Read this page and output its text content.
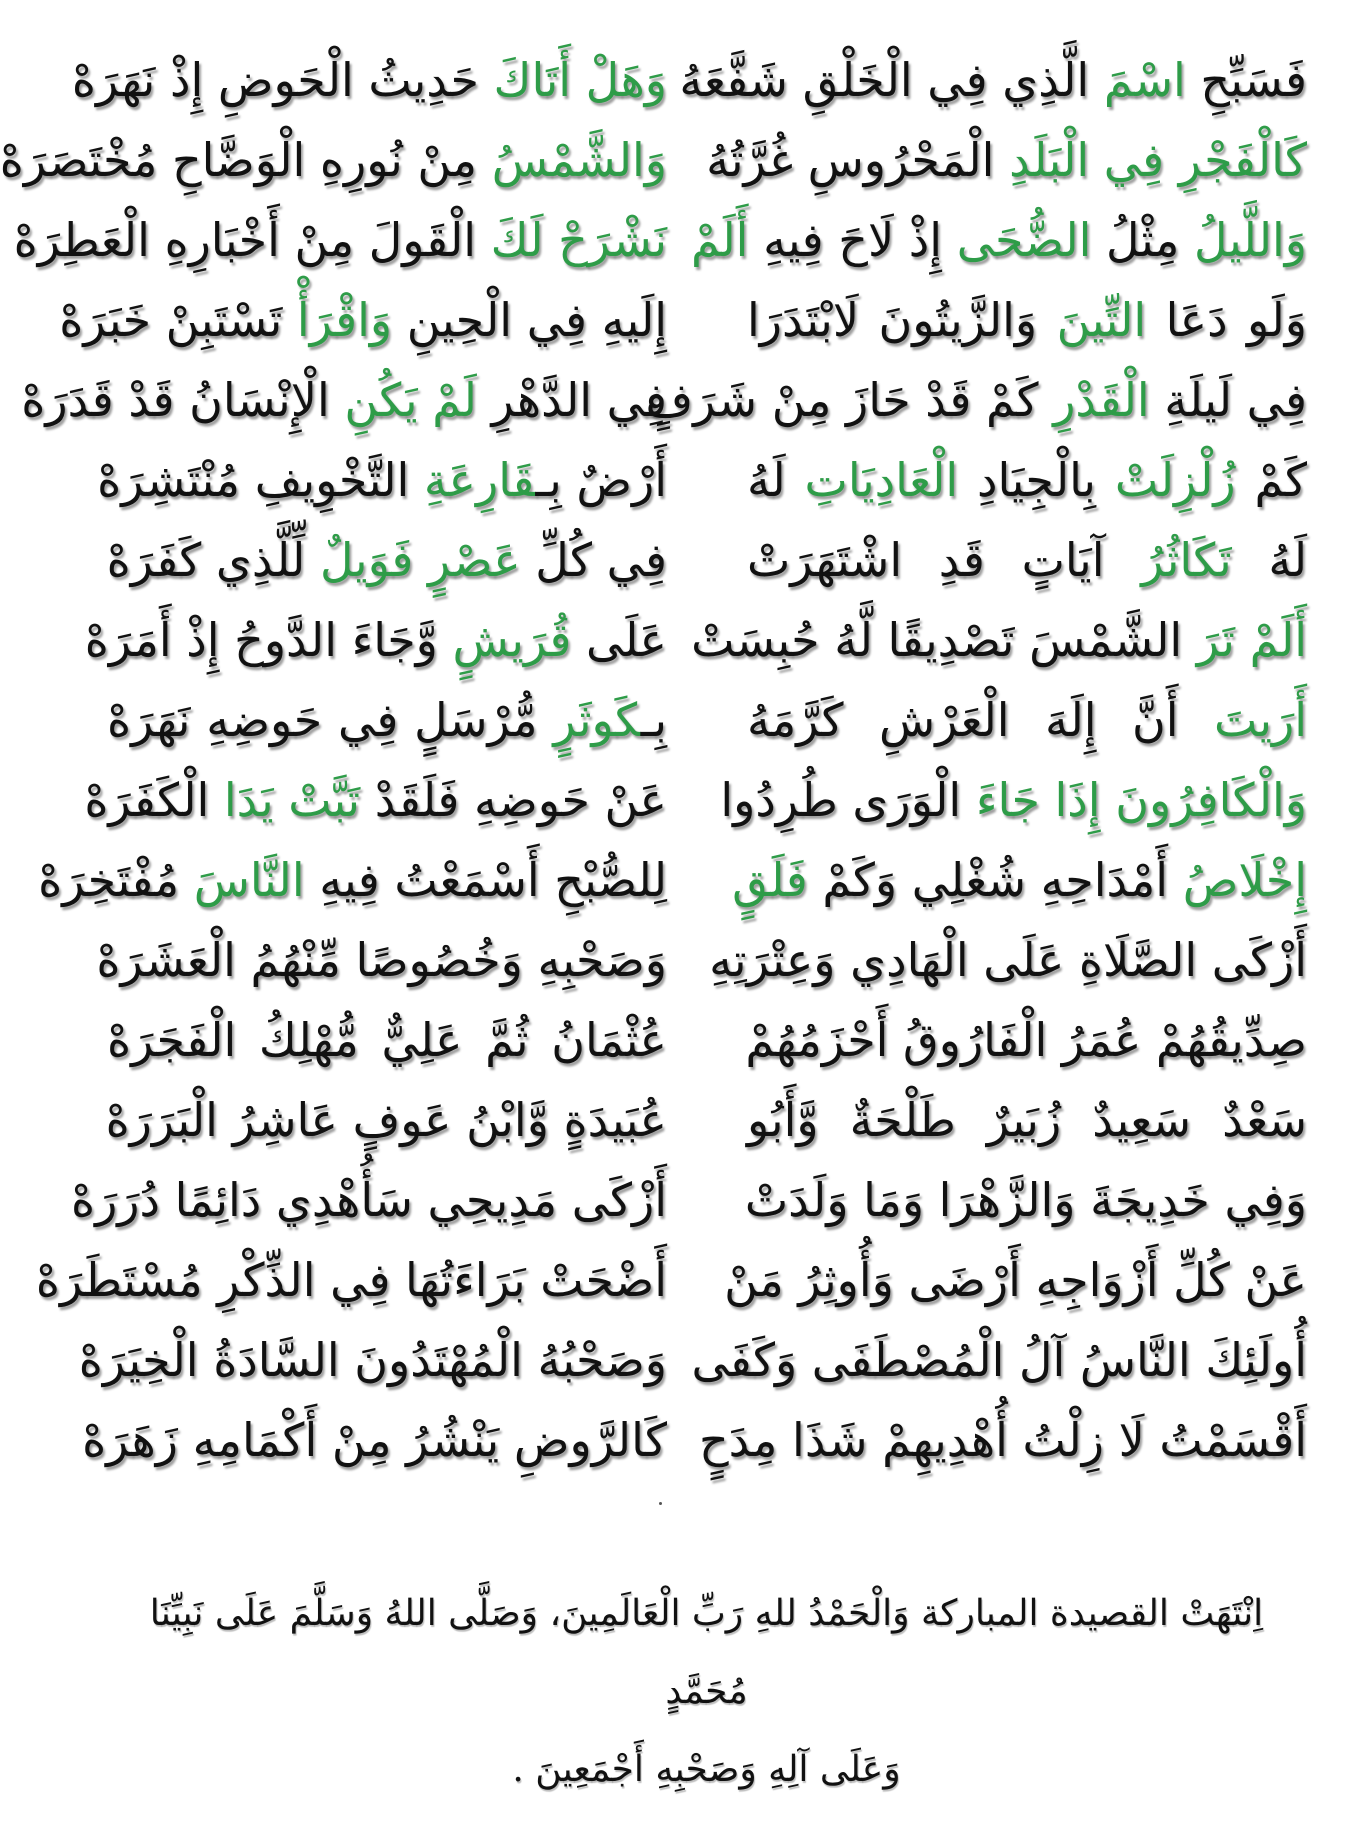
فَسَبِّحِ اسْمَ الَّذِي فِي الْخَلْقِ شَفَّعَهُ
وَهَلْ أَتَاكَ حَدِيثُ الْحَوضِ إِذْ نَهَرَهْ
كَالْفَجْرِ فِي الْبَلَدِ الْمَحْرُوسِ غُرَّتُهُ
وَالشَّمْسُ مِنْ نُورِهِ الْوَضَّاحِ مُخْتَصَرَهْ
وَاللَّيلُ مِثْلُ الضُّحَى إِذْ لَاحَ فِيهِ أَلَمْ
نَشْرَحْ لَكَ الْقَولَ مِنْ أَخْبَارِهِ الْعَطِرَهْ
وَلَو دَعَا التِّينَ وَالزَّيتُونَ لَابْتَدَرَا
إِلَيهِ فِي الْحِينِ وَاقْرَأْ تَسْتَبِنْ خَبَرَهْ
فِي لَيلَةِ الْقَدْرِ كَمْ قَدْ حَازَ مِنْ شَرَفٍ
فِي الدَّهْرِ لَمْ يَكُنِ الْإِنْسَانُ قَدْ قَدَرَهْ
كَمْ زُلْزِلَتْ بِالْجِيَادِ الْعَادِيَاتِ لَهُ
أَرْضٌ بِـقَارِعَةِ التَّخْوِيفِ مُنْتَشِرَهْ
لَهُ تَكَاثُرُ آيَاتٍ قَدِ اشْتَهَرَتْ
فِي كُلِّ عَصْرٍ فَوَيلٌ لِّلَّذِي كَفَرَهْ
أَلَمْ تَرَ الشَّمْسَ تَصْدِيقًا لَّهُ حُبِسَتْ
عَلَى قُرَيشٍ وَّجَاءَ الدَّوحُ إِذْ أَمَرَهْ
أَرَيتَ أَنَّ إِلَهَ الْعَرْشِ كَرَّمَهُ
بِـكَوثَرٍ مُّرْسَلٍ فِي حَوضِهِ نَهَرَهْ
وَالْكَافِرُونَ إِذَا جَاءَ الْوَرَى طُرِدُوا
عَنْ حَوضِهِ فَلَقَدْ تَبَّتْ يَدَا الْكَفَرَهْ
إِخْلَاصُ أَمْدَاحِهِ شُغْلِي وَكَمْ فَلَقٍ
لِلصُّبْحِ أَسْمَعْتُ فِيهِ النَّاسَ مُفْتَخِرَهْ
أَزْكَى الصَّلَاةِ عَلَى الْهَادِي وَعِتْرَتِهِ
وَصَحْبِهِ وَخُصُوصًا مِّنْهُمُ الْعَشَرَهْ
صِدِّيقُهُمْ عُمَرُ الْفَارُوقُ أَحْزَمُهُمْ
عُثْمَانُ ثُمَّ عَلِيٌّ مُّهْلِكُ الْفَجَرَهْ
سَعْدٌ سَعِيدٌ زُبَيرٌ طَلْحَةٌ وَّأَبُو
عُبَيدَةٍ وَّابْنُ عَوفٍ عَاشِرُ الْبَرَرَهْ
وَفِي خَدِيجَةَ وَالزَّهْرَا وَمَا وَلَدَتْ
أَزْكَى مَدِيحِي سَأُهْدِي دَائِمًا دُرَرَهْ
عَنْ كُلِّ أَزْوَاجِهِ أَرْضَى وَأُوثِرُ مَنْ
أَضْحَتْ بَرَاءَتُهَا فِي الذِّكْرِ مُسْتَطَرَهْ
أُولَئِكَ النَّاسُ آلُ الْمُصْطَفَى وَكَفَى
وَصَحْبُهُ الْمُهْتَدُونَ السَّادَةُ الْخِيَرَهْ
أَقْسَمْتُ لَا زِلْتُ أُهْدِيهِمْ شَذَا مِدَحٍ
كَالرَّوضِ يَنْشُرُ مِنْ أَكْمَامِهِ زَهَرَهْ
اِنْتَهَتْ القصيدة المباركة وَالْحَمْدُ للهِ رَبِّ الْعَالَمِينَ، وَصَلَّى اللهُ وَسَلَّمَ عَلَى نَبِيِّنَا مُحَمَّدٍ
وَعَلَى آلِهِ وَصَحْبِهِ أَجْمَعِينَ .
